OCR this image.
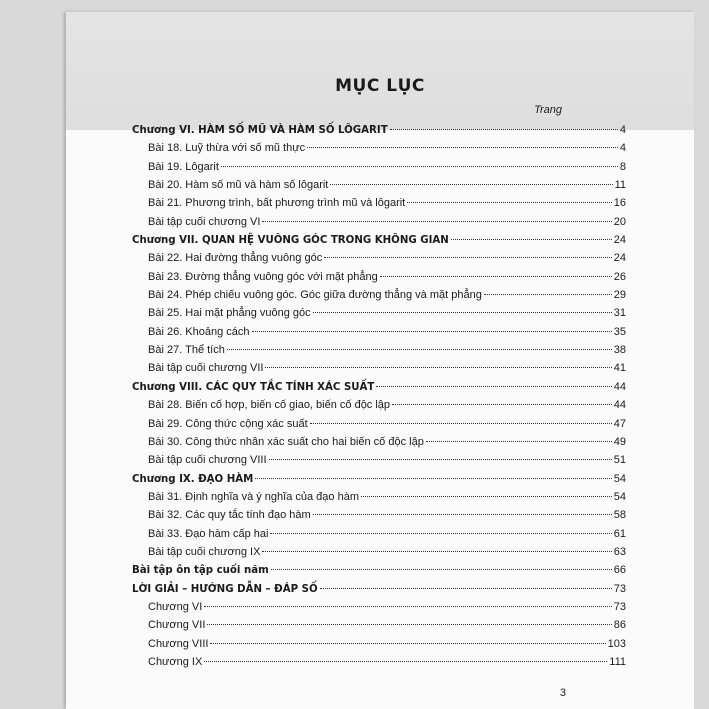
MỤC LỤC
Trang
Chương VI. HÀM SỐ MŨ VÀ HÀM SỐ LÔGARIT	4
Bài 18. Luỹ thừa với số mũ thực	4
Bài 19. Lôgarit	8
Bài 20. Hàm số mũ và hàm số lôgarit	11
Bài 21. Phương trình, bất phương trình mũ và lôgarit	16
Bài tập cuối chương VI	20
Chương VII. QUAN HỆ VUÔNG GÓC TRONG KHÔNG GIAN	24
Bài 22. Hai đường thẳng vuông góc	24
Bài 23. Đường thẳng vuông góc với mặt phẳng	26
Bài 24. Phép chiếu vuông góc. Góc giữa đường thẳng và mặt phẳng	29
Bài 25. Hai mặt phẳng vuông góc	31
Bài 26. Khoảng cách	35
Bài 27. Thể tích	38
Bài tập cuối chương VII	41
Chương VIII. CÁC QUY TẮC TÍNH XÁC SUẤT	44
Bài 28. Biến cố hợp, biến cố giao, biến cố độc lập	44
Bài 29. Công thức cộng xác suất	47
Bài 30. Công thức nhân xác suất cho hai biến cố độc lập	49
Bài tập cuối chương VIII	51
Chương IX. ĐẠO HÀM	54
Bài 31. Định nghĩa và ý nghĩa của đạo hàm	54
Bài 32. Các quy tắc tính đạo hàm	58
Bài 33. Đạo hàm cấp hai	61
Bài tập cuối chương IX	63
Bài tập ôn tập cuối năm	66
LỜI GIẢI – HƯỚNG DẪN – ĐÁP SỐ	73
Chương VI	73
Chương VII	86
Chương VIII	103
Chương IX	111
3
